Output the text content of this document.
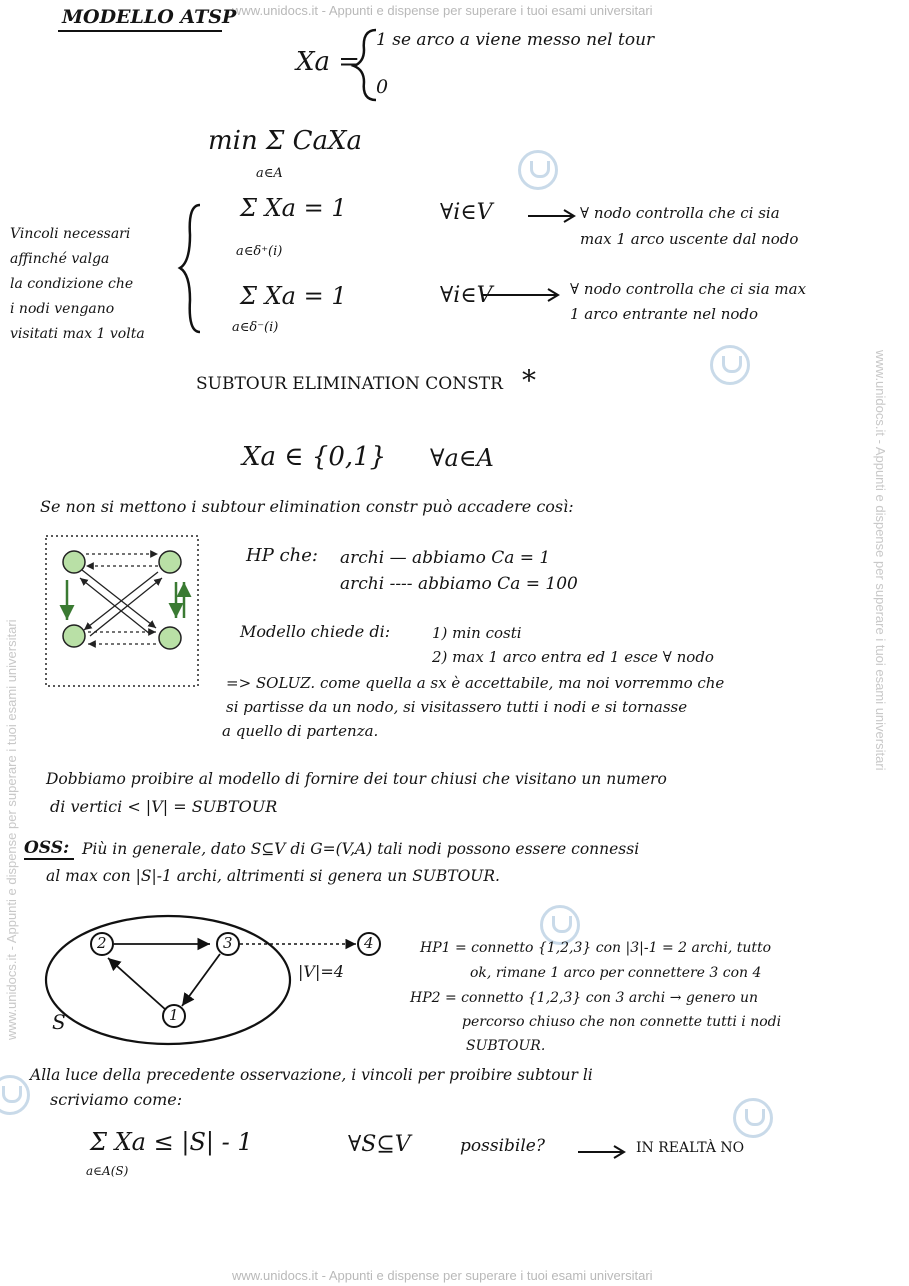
www.unidocs.it - Appunti e dispense per superare i tuoi esami universitari
www.unidocs.it - Appunti e dispense per superare i tuoi esami universitari
www.unidocs.it - Appunti e dispense per superare i tuoi esami universitari
www.unidocs.it - Appunti e dispense per superare i tuoi esami universitari
MODELLO ATSP
Xa =
1 se arco a viene messo nel tour
0
min Σ CaXa
a∈A
Vincoli necessari
affinché valga
la condizione che
i nodi vengano
visitati max 1 volta
Σ Xa = 1
a∈δ⁺(i)
∀i∈V	∀ nodo controlla che ci sia
max 1 arco uscente dal nodo
Σ Xa = 1
a∈δ⁻(i)
∀i∈V	∀ nodo controlla che ci sia max
1 arco entrante nel nodo
SUBTOUR ELIMINATION CONSTR *
Xa ∈ {0,1} ∀a∈A
Se non si mettono i subtour elimination constr può accadere così:
HP che: archi — abbiamo Ca = 1
archi ---- abbiamo Ca = 100
Modello chiede di:	1) min costi
2) max 1 arco entra ed 1 esce ∀ nodo
=> SOLUZ. come quella a sx è accettabile, ma noi vorremmo che
si partisse da un nodo, si visitassero tutti i nodi e si tornasse
a quello di partenza.
Dobbiamo proibire al modello di fornire dei tour chiusi che visitano un numero
di vertici < |V| = SUBTOUR
OSS: Più in generale, dato S⊆V di G=(V,A) tali nodi possono essere connessi
al max con |S|-1 archi, altrimenti si genera un SUBTOUR.
2	3
1
4
S
|V|=4
HP1 = connetto {1,2,3} con |3|-1 = 2 archi, tutto
ok, rimane 1 arco per connettere 3 con 4
HP2 = connetto {1,2,3} con 3 archi → genero un
percorso chiuso che non connette tutti i nodi
SUBTOUR.
Alla luce della precedente osservazione, i vincoli per proibire subtour li
scriviamo come:
Σ Xa ≤ |S| - 1
a∈A(S)
∀S⊆V	possibile?	IN REALTÀ NO
